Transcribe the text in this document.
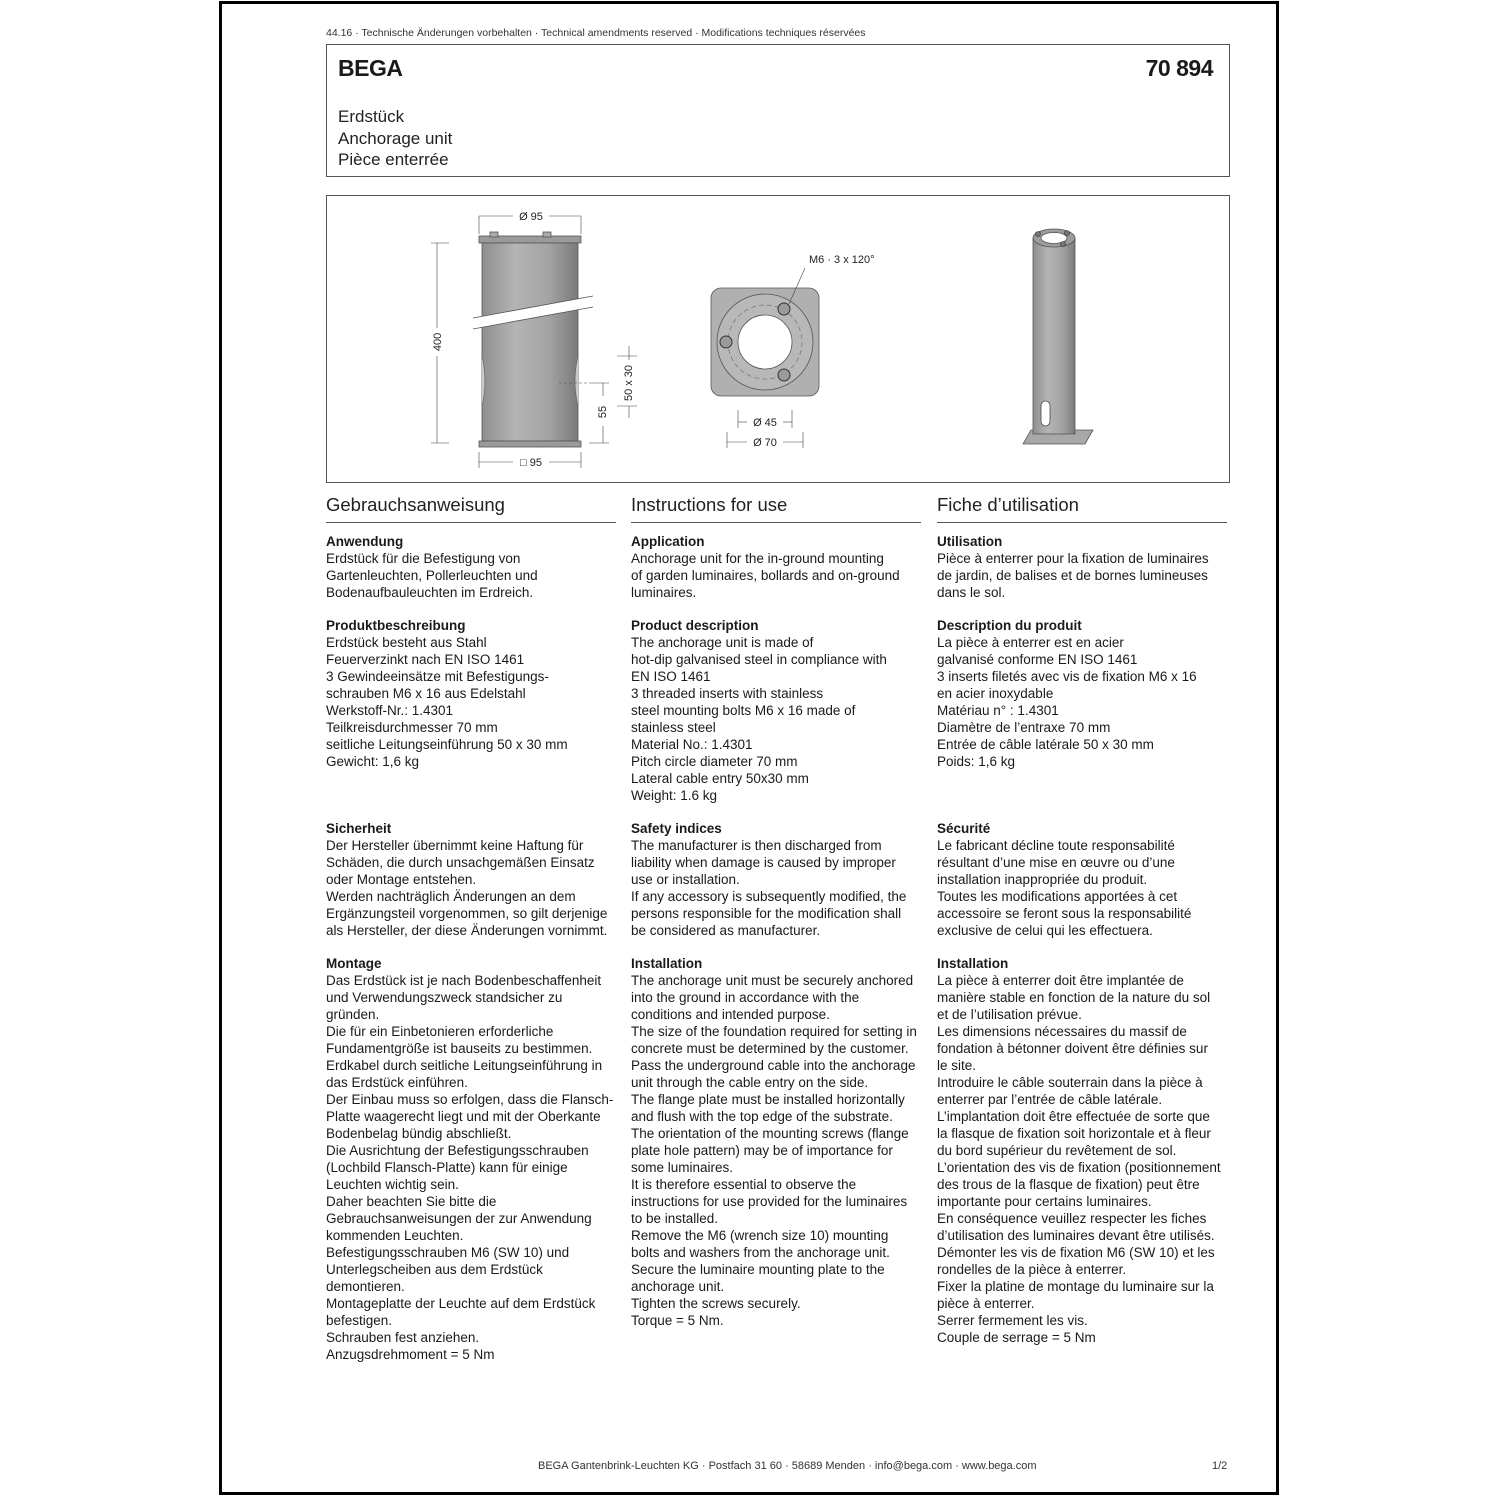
44.16 · Technische Änderungen vorbehalten · Technical amendments reserved · Modifications techniques réservées
BEGA	70 894
Erdstück
Anchorage unit
Pièce enterrée
Ø 95
400
□ 95
55
50 x 30
M6 · 3 x 120°
Ø 45
Ø 70
Gebrauchsanweisung
Anwendung
Erdstück für die Befestigung von
Gartenleuchten, Pollerleuchten und
Bodenaufbauleuchten im Erdreich.
Produktbeschreibung
Erdstück besteht aus Stahl
Feuerverzinkt nach EN ISO 1461
3 Gewindeeinsätze mit Befestigungs-
schrauben M6 x 16 aus Edelstahl
Werkstoff-Nr.: 1.4301
Teilkreisdurchmesser 70 mm
seitliche Leitungseinführung 50 x 30 mm
Gewicht: 1,6 kg
Sicherheit
Der Hersteller übernimmt keine Haftung für
Schäden, die durch unsachgemäßen Einsatz
oder Montage entstehen.
Werden nachträglich Änderungen an dem
Ergänzungsteil vorgenommen, so gilt derjenige
als Hersteller, der diese Änderungen vornimmt.
Montage
Das Erdstück ist je nach Bodenbeschaffenheit
und Verwendungszweck standsicher zu
gründen.
Die für ein Einbetonieren erforderliche
Fundamentgröße ist bauseits zu bestimmen.
Erdkabel durch seitliche Leitungseinführung in
das Erdstück einführen.
Der Einbau muss so erfolgen, dass die Flansch-
Platte waagerecht liegt und mit der Oberkante
Bodenbelag bündig abschließt.
Die Ausrichtung der Befestigungsschrauben
(Lochbild Flansch-Platte) kann für einige
Leuchten wichtig sein.
Daher beachten Sie bitte die
Gebrauchsanweisungen der zur Anwendung
kommenden Leuchten.
Befestigungsschrauben M6 (SW 10) und
Unterlegscheiben aus dem Erdstück
demontieren.
Montageplatte der Leuchte auf dem Erdstück
befestigen.
Schrauben fest anziehen.
Anzugsdrehmoment = 5 Nm
Instructions for use
Application
Anchorage unit for the in-ground mounting
of garden luminaires, bollards and on-ground
luminaires.
Product description
The anchorage unit is made of
hot-dip galvanised steel in compliance with
EN ISO 1461
3 threaded inserts with stainless
steel mounting bolts M6 x 16 made of
stainless steel
Material No.: 1.4301
Pitch circle diameter 70 mm
Lateral cable entry 50x30 mm
Weight: 1.6 kg
Safety indices
The manufacturer is then discharged from
liability when damage is caused by improper
use or installation.
If any accessory is subsequently modified, the
persons responsible for the modification shall
be considered as manufacturer.
Installation
The anchorage unit must be securely anchored
into the ground in accordance with the
conditions and intended purpose.
The size of the foundation required for setting in
concrete must be determined by the customer.
Pass the underground cable into the anchorage
unit through the cable entry on the side.
The flange plate must be installed horizontally
and flush with the top edge of the substrate.
The orientation of the mounting screws (flange
plate hole pattern) may be of importance for
some luminaires.
It is therefore essential to observe the
instructions for use provided for the luminaires
to be installed.
Remove the M6 (wrench size 10) mounting
bolts and washers from the anchorage unit.
Secure the luminaire mounting plate to the
anchorage unit.
Tighten the screws securely.
Torque = 5 Nm.
Fiche d’utilisation
Utilisation
Pièce à enterrer pour la fixation de luminaires
de jardin, de balises et de bornes lumineuses
dans le sol.
Description du produit
La pièce à enterrer est en acier
galvanisé conforme EN ISO 1461
3 inserts filetés avec vis de fixation M6 x 16
en acier inoxydable
Matériau n° : 1.4301
Diamètre de l’entraxe 70 mm
Entrée de câble latérale 50 x 30 mm
Poids: 1,6 kg
Sécurité
Le fabricant décline toute responsabilité
résultant d’une mise en œuvre ou d’une
installation inappropriée du produit.
Toutes les modifications apportées à cet
accessoire se feront sous la responsabilité
exclusive de celui qui les effectuera.
Installation
La pièce à enterrer doit être implantée de
manière stable en fonction de la nature du sol
et de l’utilisation prévue.
Les dimensions nécessaires du massif de
fondation à bétonner doivent être définies sur
le site.
Introduire le câble souterrain dans la pièce à
enterrer par l’entrée de câble latérale.
L’implantation doit être effectuée de sorte que
la flasque de fixation soit horizontale et à fleur
du bord supérieur du revêtement de sol.
L’orientation des vis de fixation (positionnement
des trous de la flasque de fixation) peut être
importante pour certains luminaires.
En conséquence veuillez respecter les fiches
d’utilisation des luminaires devant être utilisés.
Démonter les vis de fixation M6 (SW 10) et les
rondelles de la pièce à enterrer.
Fixer la platine de montage du luminaire sur la
pièce à enterrer.
Serrer fermement les vis.
Couple de serrage = 5 Nm
BEGA Gantenbrink-Leuchten KG · Postfach 31 60 · 58689 Menden · info@bega.com · www.bega.com	1/2
